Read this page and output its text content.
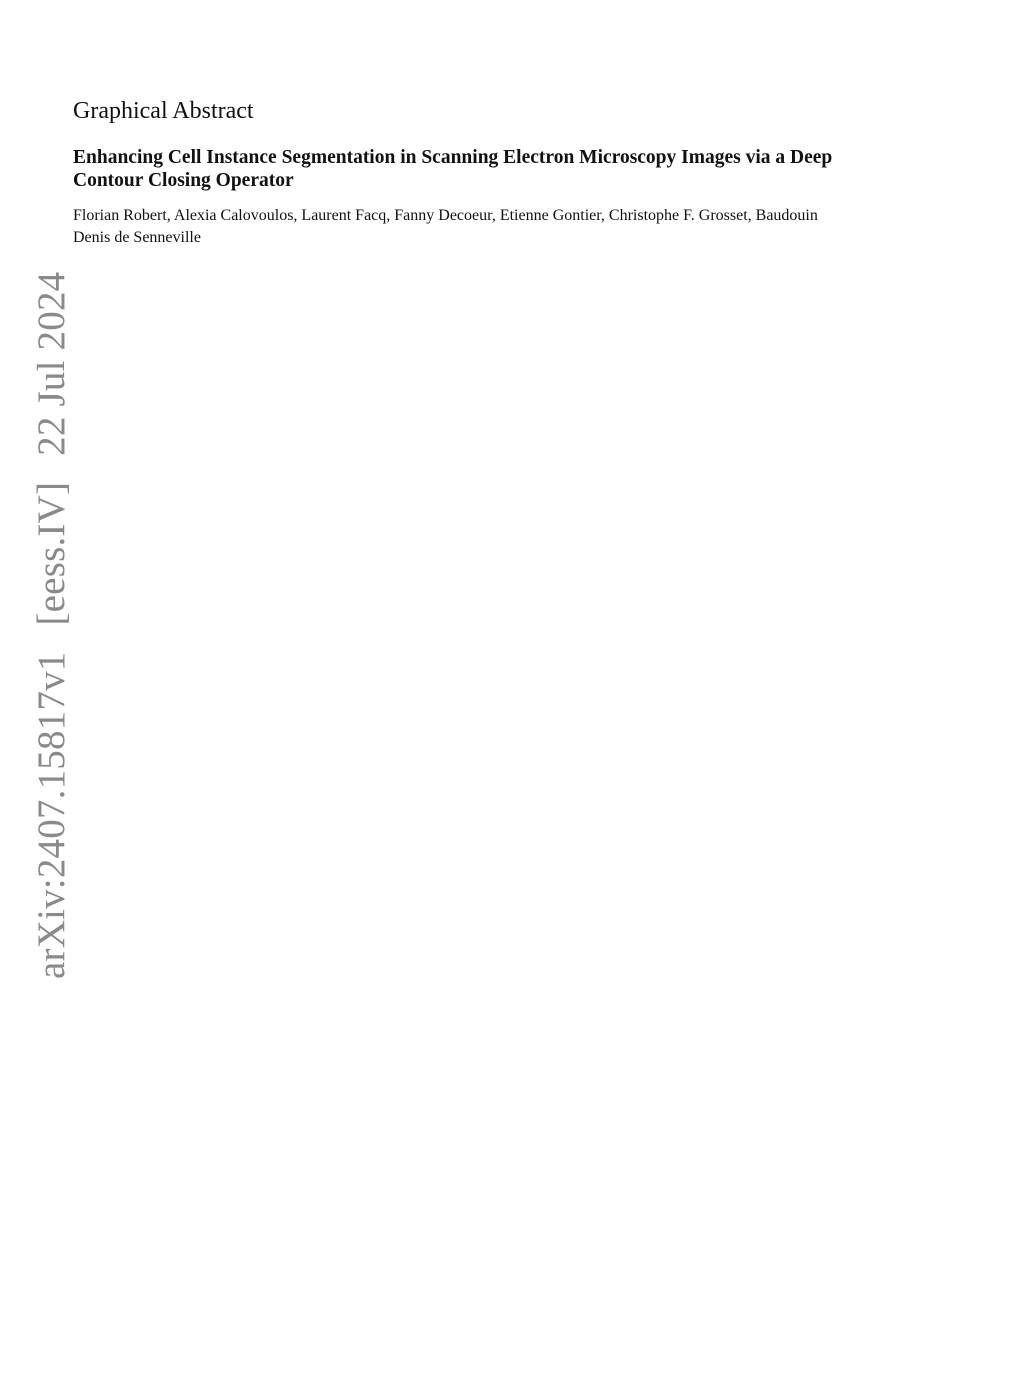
Graphical Abstract
Enhancing Cell Instance Segmentation in Scanning Electron Microscopy Images via a Deep
Contour Closing Operator

Florian Robert, Alexia Calovoulos, Laurent Facq, Fanny Decoeur, Etienne Gontier, Christophe F. Grosset, Baudouin
Denis de Senneville

arXiv:2407.15817v1[eess.IV]22 Jul 2024
